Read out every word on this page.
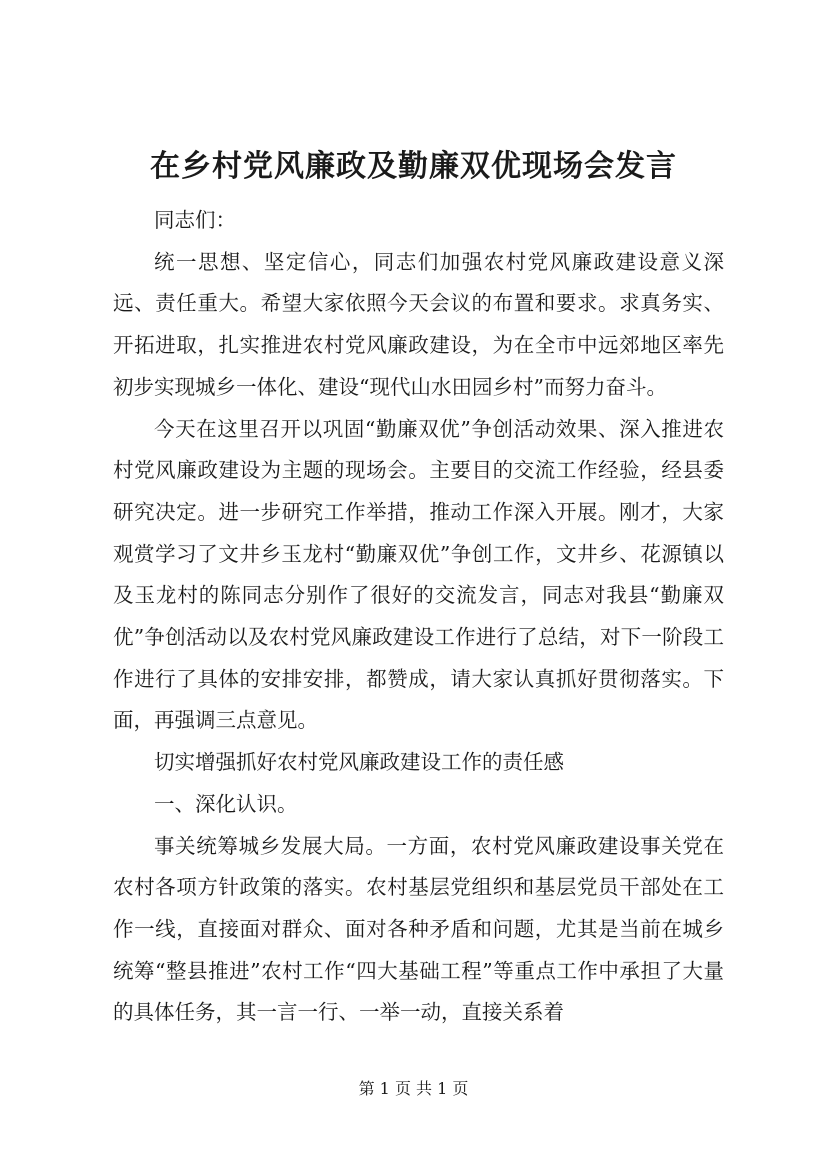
在乡村党风廉政及勤廉双优现场会发言

同志们：

统一思想、坚定信心，同志们加强农村党风廉政建设意义深远、责任重大。希望大家依照今天会议的布置和要求。求真务实、开拓进取，扎实推进农村党风廉政建设，为在全市中远郊地区率先初步实现城乡一体化、建设“现代山水田园乡村”而努力奋斗。

今天在这里召开以巩固“勤廉双优”争创活动效果、深入推进农村党风廉政建设为主题的现场会。主要目的交流工作经验，经县委研究决定。进一步研究工作举措，推动工作深入开展。刚才，大家观赏学习了文井乡玉龙村“勤廉双优”争创工作，文井乡、花源镇以及玉龙村的陈同志分别作了很好的交流发言，同志对我县“勤廉双优”争创活动以及农村党风廉政建设工作进行了总结，对下一阶段工作进行了具体的安排安排，都赞成，请大家认真抓好贯彻落实。下面，再强调三点意见。

切实增强抓好农村党风廉政建设工作的责任感

一、深化认识。

事关统筹城乡发展大局。一方面，农村党风廉政建设事关党在农村各项方针政策的落实。农村基层党组织和基层党员干部处在工作一线，直接面对群众、面对各种矛盾和问题，尤其是当前在城乡统筹“整县推进”农村工作“四大基础工程”等重点工作中承担了大量的具体任务，其一言一行、一举一动，直接关系着

第 1 页 共 1 页
